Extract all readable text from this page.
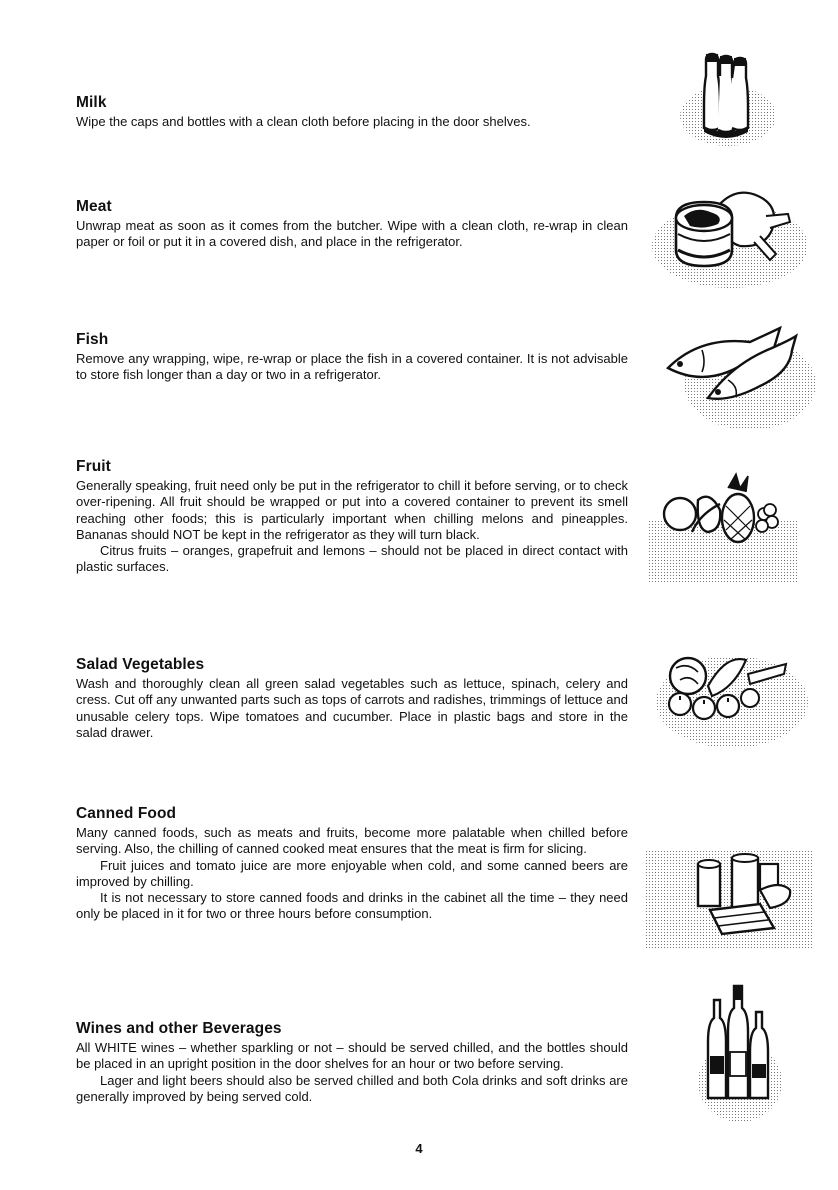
Milk

Wipe the caps and bottles with a clean cloth before placing in the door shelves.

Meat

Unwrap meat as soon as it comes from the butcher. Wipe with a clean cloth, re-wrap in clean paper or foil or put it in a covered dish, and place in the refrigerator.

Fish

Remove any wrapping, wipe, re-wrap or place the fish in a covered container. It is not advisable to store fish longer than a day or two in a refrigerator.

Fruit

Generally speaking, fruit need only be put in the refrigerator to chill it before serving, or to check over-ripening. All fruit should be wrapped or put into a covered container to prevent its smell reaching other foods; this is particularly important when chilling melons and pineapples. Bananas should NOT be kept in the refrigerator as they will turn black.

Citrus fruits – oranges, grapefruit and lemons – should not be placed in direct contact with plastic surfaces.

Salad Vegetables

Wash and thoroughly clean all green salad vegetables such as lettuce, spinach, celery and cress. Cut off any unwanted parts such as tops of carrots and radishes, trimmings of lettuce and unusable celery tops. Wipe tomatoes and cucumber. Place in plastic bags and store in the salad drawer.

Canned Food

Many canned foods, such as meats and fruits, become more palatable when chilled before serving. Also, the chilling of canned cooked meat ensures that the meat is firm for slicing.

Fruit juices and tomato juice are more enjoyable when cold, and some canned beers are improved by chilling.

It is not necessary to store canned foods and drinks in the cabinet all the time – they need only be placed in it for two or three hours before consumption.

Wines and other Beverages

All WHITE wines – whether sparkling or not – should be served chilled, and the bottles should be placed in an upright position in the door shelves for an hour or two before serving.

Lager and light beers should also be served chilled and both Cola drinks and soft drinks are generally improved by being served cold.

4
